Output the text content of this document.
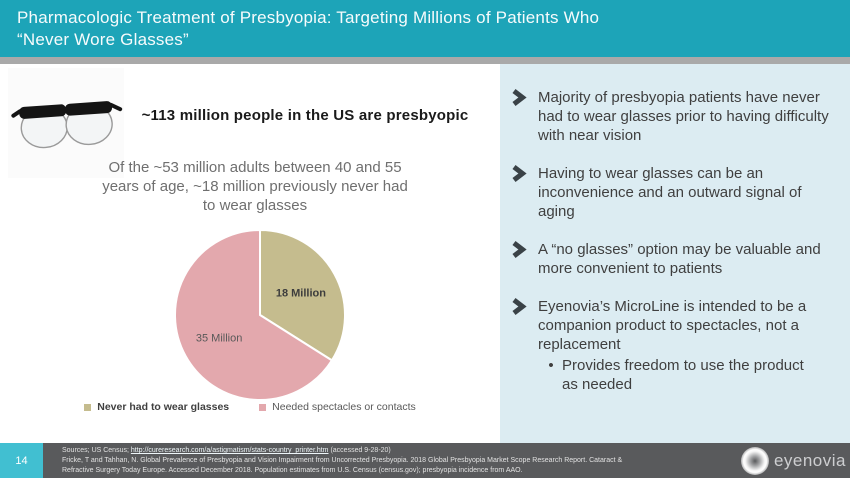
Pharmacologic Treatment of Presbyopia: Targeting Millions of Patients Who
“Never Wore Glasses”
~113 million people in the US are presbyopic
Of the ~53 million adults between 40 and 55
years of age, ~18 million previously never had
to wear glasses
18 Million
35 Million
Never had to wear glasses	Needed spectacles or contacts
Majority of presbyopia patients have never had to wear glasses prior to having difficulty with near vision
Having to wear glasses can be an inconvenience and an outward signal of aging
A “no glasses” option may be valuable and more convenient to patients
Eyenovia’s MicroLine is intended to be a companion product to spectacles, not a replacement
• Provides freedom to use the product as needed
14
Sources; US Census; http://cureresearch.com/a/astigmatism/stats-country_printer.htm (accessed 9-28-20)
Fricke, T and Tahhan, N. Global Prevalence of Presbyopia and Vision Impairment from Uncorrected Presbyopia. 2018 Global Presbyopia Market Scope Research Report. Cataract &
Refractive Surgery Today Europe. Accessed December 2018. Population estimates from U.S. Census (census.gov); presbyopia incidence from AAO.
eyenovia
